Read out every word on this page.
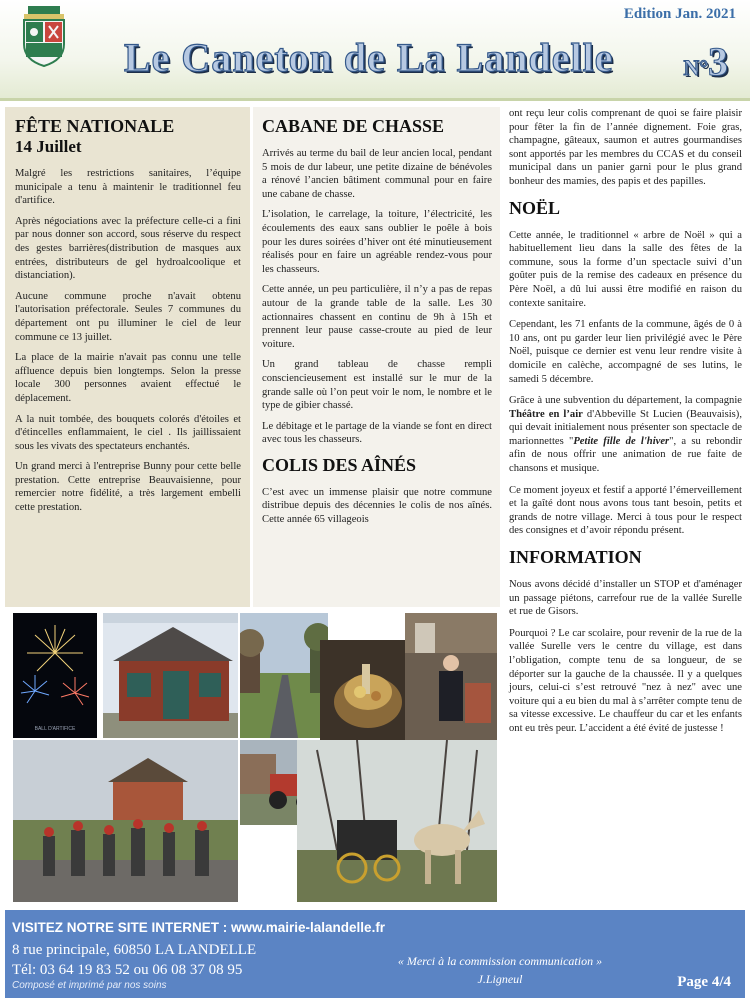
Edition Jan. 2021
Le Caneton de La Landelle	N°3
FÊTE NATIONALE
14 Juillet

Malgré les restrictions sanitaires, l’équipe municipale a tenu à maintenir le traditionnel feu d'artifice.

Après négociations avec la préfecture celle-ci a fini par nous donner son accord, sous réserve du respect des gestes barrières(distribution de masques aux entrées, distributeurs de gel hydroalcoolique et distanciation).

Aucune commune proche n'avait obtenu l'autorisation préfectorale. Seules 7 communes du département ont pu illuminer le ciel de leur commune ce 13 juillet.

La place de la mairie n'avait pas connu une telle affluence depuis bien longtemps. Selon la presse locale 300 personnes avaient effectué le déplacement.

A la nuit tombée, des bouquets colorés d'étoiles et d'étincelles enflammaient, le ciel . Ils jaillissaient sous les vivats des spectateurs enchantés.

Un grand merci à l'entreprise Bunny pour cette belle prestation. Cette entreprise Beauvaisienne, pour remercier notre fidélité, a très largement embelli cette prestation.

CABANE DE CHASSE

Arrivés au terme du bail de leur ancien local, pendant 5 mois de dur labeur, une petite dizaine de bénévoles a rénové l’ancien bâtiment communal pour en faire une cabane de chasse.

L’isolation, le carrelage, la toiture, l’électricité, les écoulements des eaux sans oublier le poêle à bois pour les dures soirées d’hiver ont été minutieusement réalisés pour en faire un agréable rendez-vous pour les chasseurs.

Cette année, un peu particulière, il n’y a pas de repas autour de la grande table de la salle. Les 30 actionnaires chassent en continu de 9h à 15h et prennent leur pause casse-croute au pied de leur voiture.

Un grand tableau de chasse rempli consciencieusement est installé sur le mur de la grande salle où l’on peut voir le nom, le nombre et le type de gibier chassé.

Le débitage et le partage de la viande se font en direct avec tous les chasseurs.

COLIS DES AÎNÉS

C’est avec un immense plaisir que notre commune distribue depuis des décennies le colis de nos aînés. Cette année 65 villageois

ont reçu leur colis comprenant de quoi se faire plaisir pour fêter la fin de l’année dignement. Foie gras, champagne, gâteaux, saumon et autres gourmandises sont apportés par les membres du CCAS et du conseil municipal dans un panier garni pour le plus grand bonheur des mamies, des papis et des papilles.

NOËL

Cette année, le traditionnel « arbre de Noël » qui a habituellement lieu dans la salle des fêtes de la commune, sous la forme d’un spectacle suivi d’un goûter puis de la remise des cadeaux en présence du Père Noël, a dû lui aussi être modifié en raison du contexte sanitaire.

Cependant, les 71 enfants de la commune, âgés de 0 à 10 ans, ont pu garder leur lien privilégié avec le Père Noël, puisque ce dernier est venu leur rendre visite à domicile en calèche, accompagné de ses lutins, le samedi 5 décembre.

Grâce à une subvention du département, la compagnie Théâtre en l’air d'Abbeville St Lucien (Beauvaisis), qui devait initialement nous présenter son spectacle de marionnettes "Petite fille de l'hiver", a su rebondir afin de nous offrir une animation de rue faite de chansons et musique.

Ce moment joyeux et festif a apporté l’émerveillement et la gaîté dont nous avons tous tant besoin, petits et grands de notre village. Merci à tous pour le respect des consignes et d’avoir répondu présent.

INFORMATION

Nous avons décidé d’installer un STOP et d'aménager un passage piétons, carrefour rue de la vallée Surelle et rue de Gisors.

Pourquoi ? Le car scolaire, pour revenir de la rue de la vallée Surelle vers le centre du village, est dans l’obligation, compte tenu de sa longueur, de se déporter sur la gauche de la chaussée. Il y a quelques jours, celui-ci s’est retrouvé "nez à nez" avec une voiture qui a eu bien du mal à s’arrêter compte tenu de sa vitesse excessive. Le chauffeur du car et les enfants ont eu très peur. L’accident a été évité de justesse !

BALL D'ARTIFICE
VISITEZ NOTRE SITE INTERNET : www.mairie-lalandelle.fr
8 rue principale, 60850 LA LANDELLE
Tél: 03 64 19 83 52 ou 06 08 37 08 95
Composé et imprimé par nos soins
« Merci à la commission communication »
J.Ligneul	Page 4/4
